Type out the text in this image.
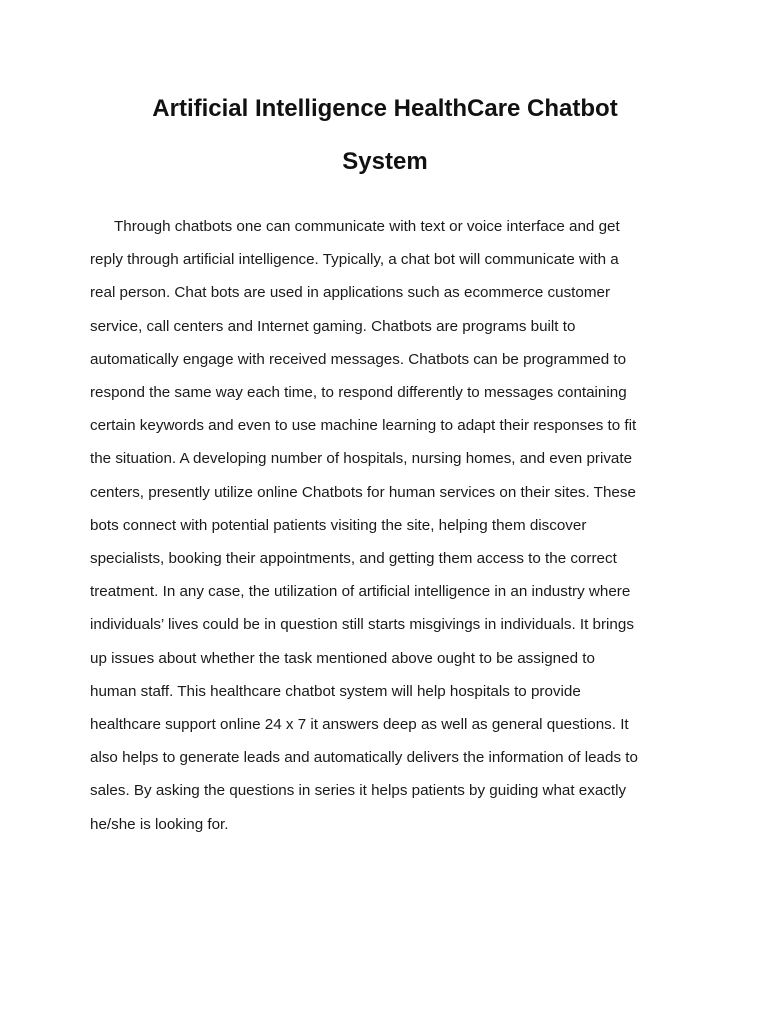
Artificial Intelligence HealthCare Chatbot
System

Through chatbots one can communicate with text or voice interface and get
reply through artificial intelligence. Typically, a chat bot will communicate with a
real person. Chat bots are used in applications such as ecommerce customer
service, call centers and Internet gaming. Chatbots are programs built to
automatically engage with received messages. Chatbots can be programmed to
respond the same way each time, to respond differently to messages containing
certain keywords and even to use machine learning to adapt their responses to fit
the situation. A developing number of hospitals, nursing homes, and even private
centers, presently utilize online Chatbots for human services on their sites. These
bots connect with potential patients visiting the site, helping them discover
specialists, booking their appointments, and getting them access to the correct
treatment. In any case, the utilization of artificial intelligence in an industry where
individuals’ lives could be in question still starts misgivings in individuals. It brings
up issues about whether the task mentioned above ought to be assigned to
human staff. This healthcare chatbot system will help hospitals to provide
healthcare support online 24 x 7 it answers deep as well as general questions. It
also helps to generate leads and automatically delivers the information of leads to
sales. By asking the questions in series it helps patients by guiding what exactly
he/she is looking for.
